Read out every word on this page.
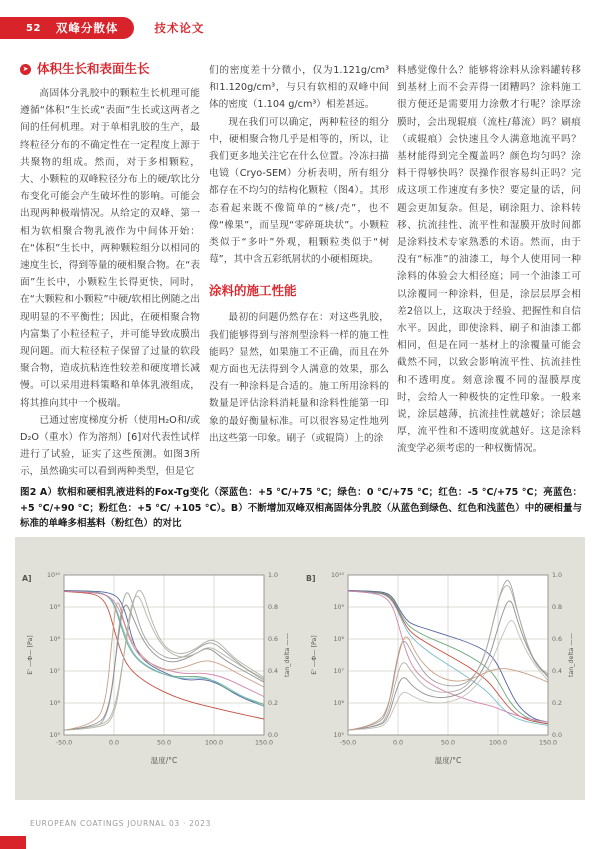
52 双峰分散体	技术论文
➤ 体积生长和表面生长

高固体分乳胶中的颗粒生长机理可能遵循“体积”生长或“表面”生长或这两者之间的任何机理。对于单相乳胶的生产，最终粒径分布的不确定性在一定程度上源于共聚物的组成。然而，对于多相颗粒，大、小颗粒的双峰粒径分布上的硬/软比分布变化可能会产生破坏性的影响。可能会出现两种极端情况。从给定的双峰、第一相为软相聚合物乳液作为中间体开始：在“体积”生长中，两种颗粒组分以相同的速度生长，得到等量的硬相聚合物。在“表面”生长中，小颗粒生长得更快，同时，在“大颗粒和小颗粒”中硬/软相比例随之出现明显的不平衡性；因此，在硬相聚合物内富集了小粒径粒子，并可能导致成膜出现问题。而大粒径粒子保留了过量的软段聚合物，造成抗粘连性较差和硬度增长减慢。可以采用进料策略和单体乳液组成，将其推向其中一个极端。

已通过密度梯度分析（使用H₂O和/或D₂O（重水）作为溶剂）[6]对代表性试样进行了试验，证实了这些预测。如图3所示，虽然确实可以看到两种类型，但是它

们的密度差十分微小，仅为1.121g/cm³和1.120g/cm³，与只有软相的双峰中间体的密度（1.104 g/cm³）相差甚远。

现在我们可以确定，两种粒径的组分中，硬相聚合物几乎是相等的，所以，让我们更多地关注它在什么位置。冷冻扫描电镜（Cryo-SEM）分析表明，所有组分都存在不均匀的结构化颗粒（图4）。其形态看起来既不像简单的“核/壳”，也不像“橡果”，而呈现“零碎斑块状”。小颗粒类似于“多叶”外观，粗颗粒类似于“树莓”，其中含五彩纸屑状的小硬相斑块。

涂料的施工性能

最初的问题仍然存在：对这些乳胶，我们能够得到与溶剂型涂料一样的施工性能吗？显然，如果施工不正确，而且在外观方面也无法得到令人满意的效果，那么没有一种涂料是合适的。施工所用涂料的数量是评估涂料消耗量和涂料性能第一印象的最好衡量标准。可以很容易定性地列出这些第一印象。刷子（或辊筒）上的涂

料感觉像什么？能够将涂料从涂料罐转移到基材上而不会弄得一团糟吗？涂料施工很方便还是需要用力涂敷才行呢？涂厚涂膜时，会出现辊痕（流柱/幕流）吗？刷痕（或辊痕）会快速且令人满意地流平吗？基材能得到完全覆盖吗？颜色均匀吗？涂料干得够快吗？误操作很容易纠正吗？完成这项工作速度有多快？要定量的话，问题会更加复杂。但是，刷涂阻力、涂料转移、抗流挂性、流平性和湿膜开放时间都是涂料技术专家熟悉的术语。然而，由于没有“标准”的油漆工，每个人使用同一种涂料的体验会大相径庭；同一个油漆工可以涂覆同一种涂料，但是，涂层层厚会相差2倍以上，这取决于经验、把握性和自信水平。因此，即使涂料、刷子和油漆工都相同，但是在同一基材上的涂覆量可能会截然不同，以致会影响流平性、抗流挂性和不透明度。刻意涂覆不同的湿膜厚度时，会给人一种极快的定性印象。一般来说，涂层越薄，抗流挂性就越好；涂层越厚，流平性和不透明度就越好。这是涂料流变学必须考虑的一种权衡情况。

图2 A）软相和硬相乳液进料的Fox-Tg变化（深蓝色：+5 °C/+75 °C；绿色：0 °C/+75 °C；红色：-5 °C/+75 °C；亮蓝色：+5 °C/+90 °C；粉红色：+5 °C/ +105 °C）。B）不断增加双峰双相高固体分乳胶（从蓝色到绿色、红色和浅蓝色）中的硬相量与标准的单峰多相基料（粉红色）的对比
10⁵
10⁶
10⁷
10⁸
10⁹
10¹⁰
0.0
0.2
0.4
0.6
0.8
1.0
-50.0	0.0	50.0	100.0	150.0
温度/°C
A]
E' —Φ— [Pa]	tan_delta ——
10⁵
10⁶
10⁷
10⁸
10⁹
10¹⁰
0.0
0.2
0.4
0.6
0.8
1.0
-50.0	0.0	50.0	100.0	150.0
温度/°C
B]
E' —Φ— [Pa]	tan_delta ——
EUROPEAN COATINGS JOURNAL 03 · 2023
